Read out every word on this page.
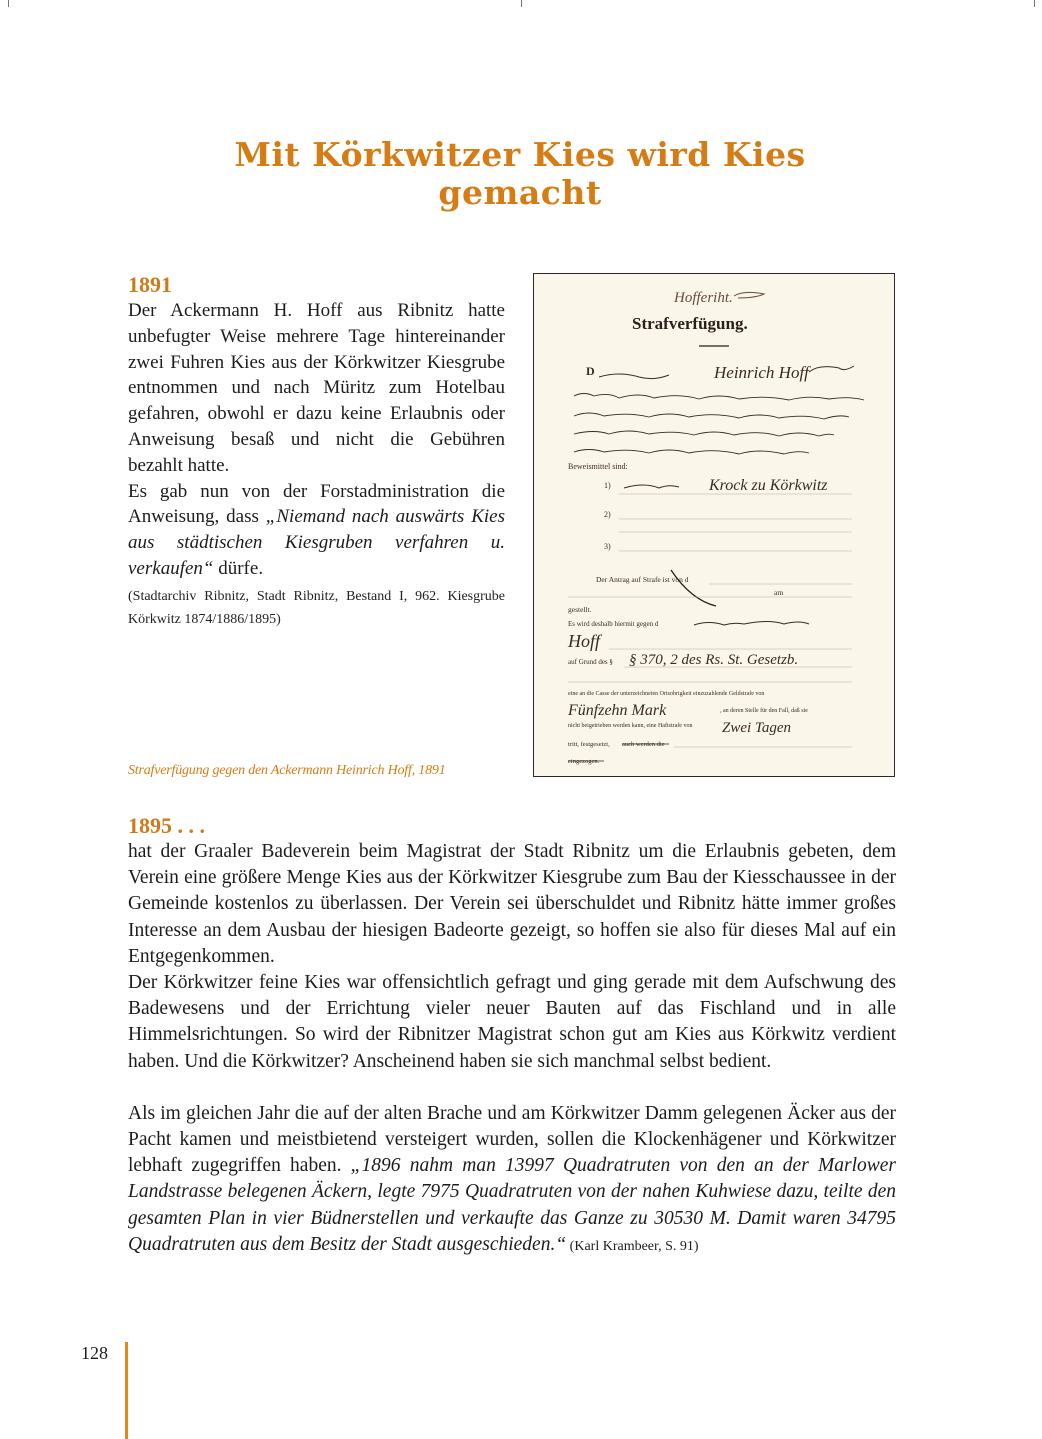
Mit Körkwitzer Kies wird Kies gemacht

1891

Der Ackermann H. Hoff aus Ribnitz hatte unbefugter Weise mehrere Tage hintereinander zwei Fuhren Kies aus der Körkwitzer Kiesgrube entnommen und nach Müritz zum Hotelbau gefahren, obwohl er dazu keine Erlaubnis oder Anweisung besaß und nicht die Gebühren bezahlt hatte.

Es gab nun von der Forstadministration die Anweisung, dass „Niemand nach auswärts Kies aus städtischen Kiesgruben verfahren u. verkaufen“ dürfe.

(Stadtarchiv Ribnitz, Stadt Ribnitz, Bestand I, 962. Kiesgrube Körkwitz 1874/1886/1895)

Hofferiht.
Strafverfügung.
D	Heinrich Hoff
Beweismittel sind:
1)	Krock zu Körkwitz
2)
3)
Der Antrag auf Strafe ist von d
am
gestellt.
Es wird deshalb hiermit gegen d
Hoff
auf Grund des § § 370, 2 des Rs. St. Gesetzb.
eine an die Casse der unterzeichneten Ortsobrigkeit einzuzahlende Geldstrafe von
Fünfzehn Mark	, an deren Stelle für den Fall, daß sie
nicht beigetrieben werden kann, eine Haftstrafe von Zwei Tagen
tritt, festgesetzt, auch werden die
eingezogen.

Strafverfügung gegen den Ackermann Heinrich Hoff, 1891

1895 . . .

hat der Graaler Badeverein beim Magistrat der Stadt Ribnitz um die Erlaubnis gebeten, dem Verein eine größere Menge Kies aus der Körkwitzer Kiesgrube zum Bau der Kiesschaussee in der Gemeinde kostenlos zu überlassen. Der Verein sei überschuldet und Ribnitz hätte immer großes Interesse an dem Ausbau der hiesigen Badeorte gezeigt, so hoffen sie also für dieses Mal auf ein Entgegenkommen.

Der Körkwitzer feine Kies war offensichtlich gefragt und ging gerade mit dem Aufschwung des Badewesens und der Errichtung vieler neuer Bauten auf das Fischland und in alle Himmelsrichtungen. So wird der Ribnitzer Magistrat schon gut am Kies aus Körkwitz verdient haben. Und die Körkwitzer? Anscheinend haben sie sich manchmal selbst bedient.

Als im gleichen Jahr die auf der alten Brache und am Körkwitzer Damm gelegenen Äcker aus der Pacht kamen und meistbietend versteigert wurden, sollen die Klockenhägener und Körkwitzer lebhaft zugegriffen haben. „1896 nahm man 13997 Quadratruten von den an der Marlower Landstrasse belegenen Äckern, legte 7975 Quadratruten von der nahen Kuhwiese dazu, teilte den gesamten Plan in vier Büdnerstellen und verkaufte das Ganze zu 30530 M. Damit waren 34795 Quadratruten aus dem Besitz der Stadt ausgeschieden.“ (Karl Krambeer, S. 91)

128
